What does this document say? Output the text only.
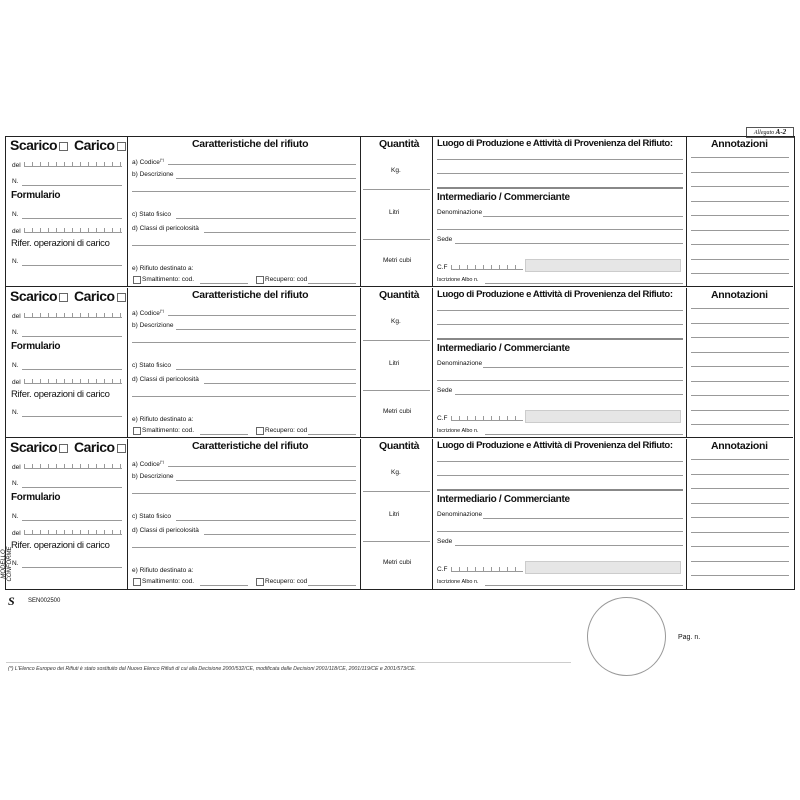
Allegato A-2
Scarico	Carico
del
N.
Formulario
N.
del
Rifer. operazioni di carico
N.
Caratteristiche del rifiuto
a) Codice(*)
b) Descrizione
c) Stato fisico
d) Classi di pericolosità
e) Rifiuto destinato a:
Smaltimento: cod.	Recupero: cod
Quantità
Kg.
Litri
Metri cubi
Luogo di Produzione e Attività di Provenienza del Rifiuto:
Intermediario / Commerciante
Denominazione
Sede
C.F
Iscrizione Albo n.
Annotazioni
Scarico	Carico
del
N.
Formulario
N.
del
Rifer. operazioni di carico
N.
Caratteristiche del rifiuto
a) Codice(*)
b) Descrizione
c) Stato fisico
d) Classi di pericolosità
e) Rifiuto destinato a:
Smaltimento: cod.	Recupero: cod
Quantità
Kg.
Litri
Metri cubi
Luogo di Produzione e Attività di Provenienza del Rifiuto:
Intermediario / Commerciante
Denominazione
Sede
C.F
Iscrizione Albo n.
Annotazioni
Scarico	Carico
del
N.
Formulario
N.
del
Rifer. operazioni di carico
N.
Caratteristiche del rifiuto
a) Codice(*)
b) Descrizione
c) Stato fisico
d) Classi di pericolosità
e) Rifiuto destinato a:
Smaltimento: cod.	Recupero: cod
Quantità
Kg.
Litri
Metri cubi
Luogo di Produzione e Attività di Provenienza del Rifiuto:
Intermediario / Commerciante
Denominazione
Sede
C.F
Iscrizione Albo n.
Annotazioni
MODELLO CONFORME
S SEN002500
Pag. n.
(*) L'Elenco Europeo dei Rifiuti è stato sostituito dal Nuovo Elenco Rifiuti di cui alla Decisione 2000/532/CE, modificata dalle Decisioni 2001/118/CE, 2001/119/CE e 2001/573/CE.
